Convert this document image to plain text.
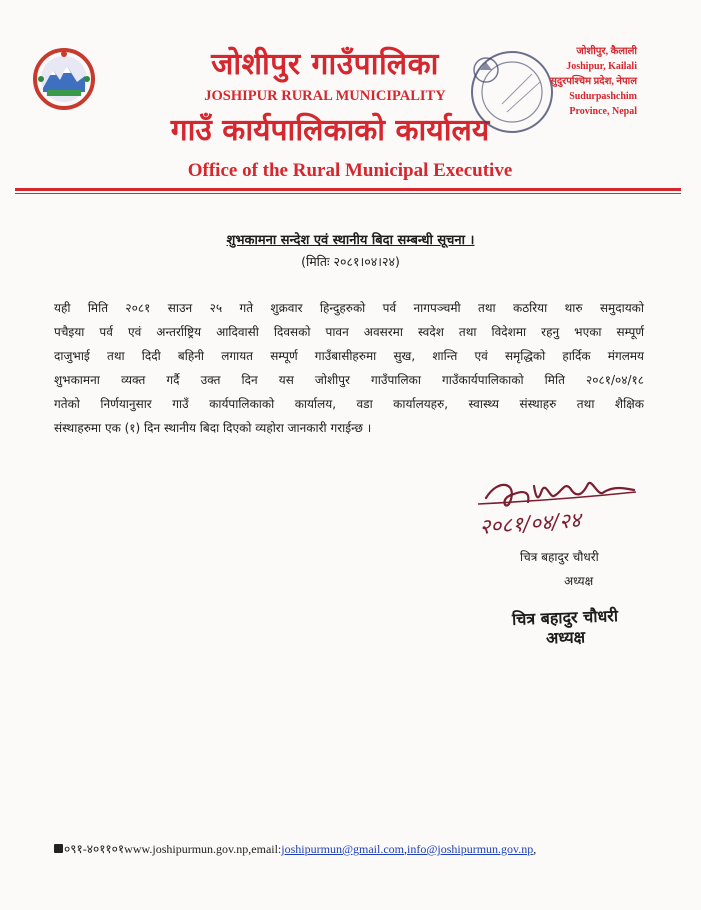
जोशीपुर गाउँपालिका
JOSHIPUR RURAL MUNICIPALITY
गाउँ कार्यपालिकाको कार्यालय
Office of the Rural Municipal Executive
जोशीपुर, कैलाली
Joshipur, Kailali
सुदुरपश्चिम प्रदेश, नेपाल
Sudurpashchim
Province, Nepal
शुभकामना सन्देश एवं स्थानीय बिदा सम्बन्धी सूचना ।
(मितिः २०८१।०४।२४)
यही मिति २०८१ साउन २५ गते शुक्रवार हिन्दुहरुको पर्व नागपञ्चमी तथा कठरिया थारु समुदायको
पचैइया पर्व एवं अन्तर्राष्ट्रिय आदिवासी दिवसको पावन अवसरमा स्वदेश तथा विदेशमा रहनु भएका सम्पूर्ण
दाजुभाई तथा दिदी बहिनी लगायत सम्पूर्ण गाउँबासीहरुमा सुख, शान्ति एवं समृद्धिको हार्दिक मंगलमय
शुभकामना व्यक्त गर्दै उक्त दिन यस जोशीपुर गाउँपालिका गाउँकार्यपालिकाको मिति २०८१/०४/१८
गतेको निर्णयानुसार गाउँ कार्यपालिकाको कार्यालय, वडा कार्यालयहरु, स्वास्थ्य संस्थाहरु तथा शैक्षिक
संस्थाहरुमा एक (१) दिन स्थानीय बिदा दिएको व्यहोरा जानकारी गराईन्छ ।
२०८१/०४/२४
चित्र बहादुर चौधरी
अध्यक्ष
चित्र बहादुर चौधरी
अध्यक्ष
०९१-४०११०१www.joshipurmun.gov.np,email:joshipurmun@gmail.com,info@joshipurmun.gov.np,
